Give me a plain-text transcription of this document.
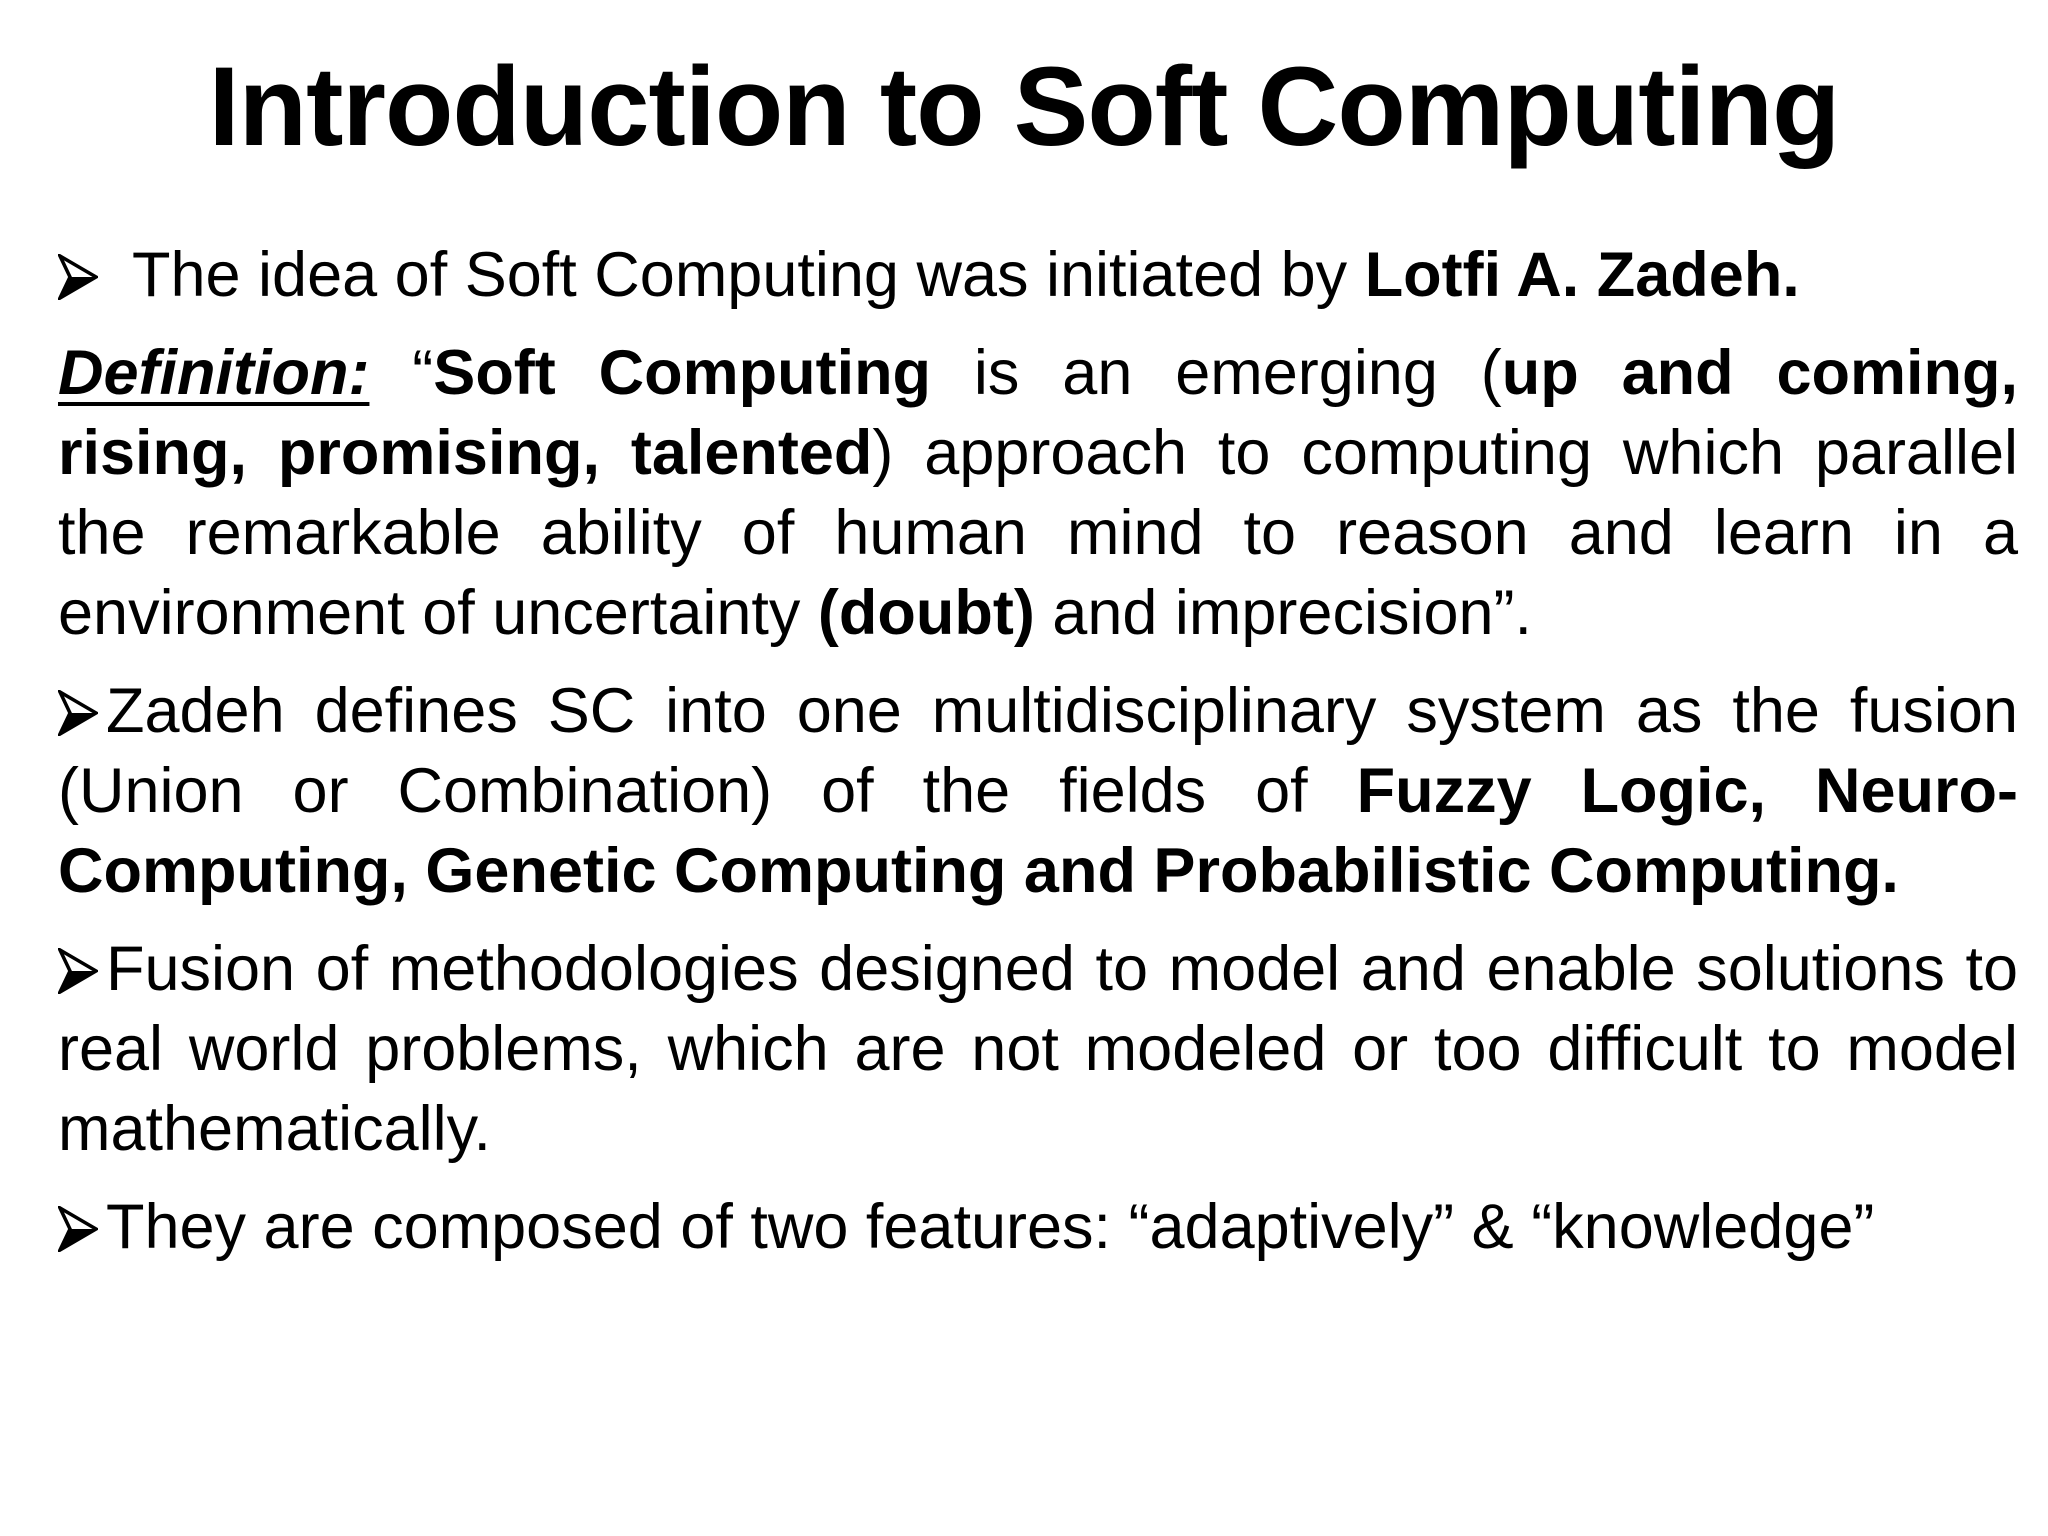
Introduction to Soft Computing

The idea of Soft Computing was initiated by Lotfi A. Zadeh.

Definition: “Soft Computing is an emerging (up and coming, rising, promising, talented) approach to computing which parallel the remarkable ability of human mind to reason and learn in a environment of uncertainty (doubt) and imprecision”.

Zadeh defines SC into one multidisciplinary system as the fusion (Union or Combination) of the fields of Fuzzy Logic, Neuro-Computing, Genetic Computing and Probabilistic Computing.

Fusion of methodologies designed to model and enable solutions to real world problems, which are not modeled or too difficult to model mathematically.

They are composed of two features: “adaptively” & “knowledge”
